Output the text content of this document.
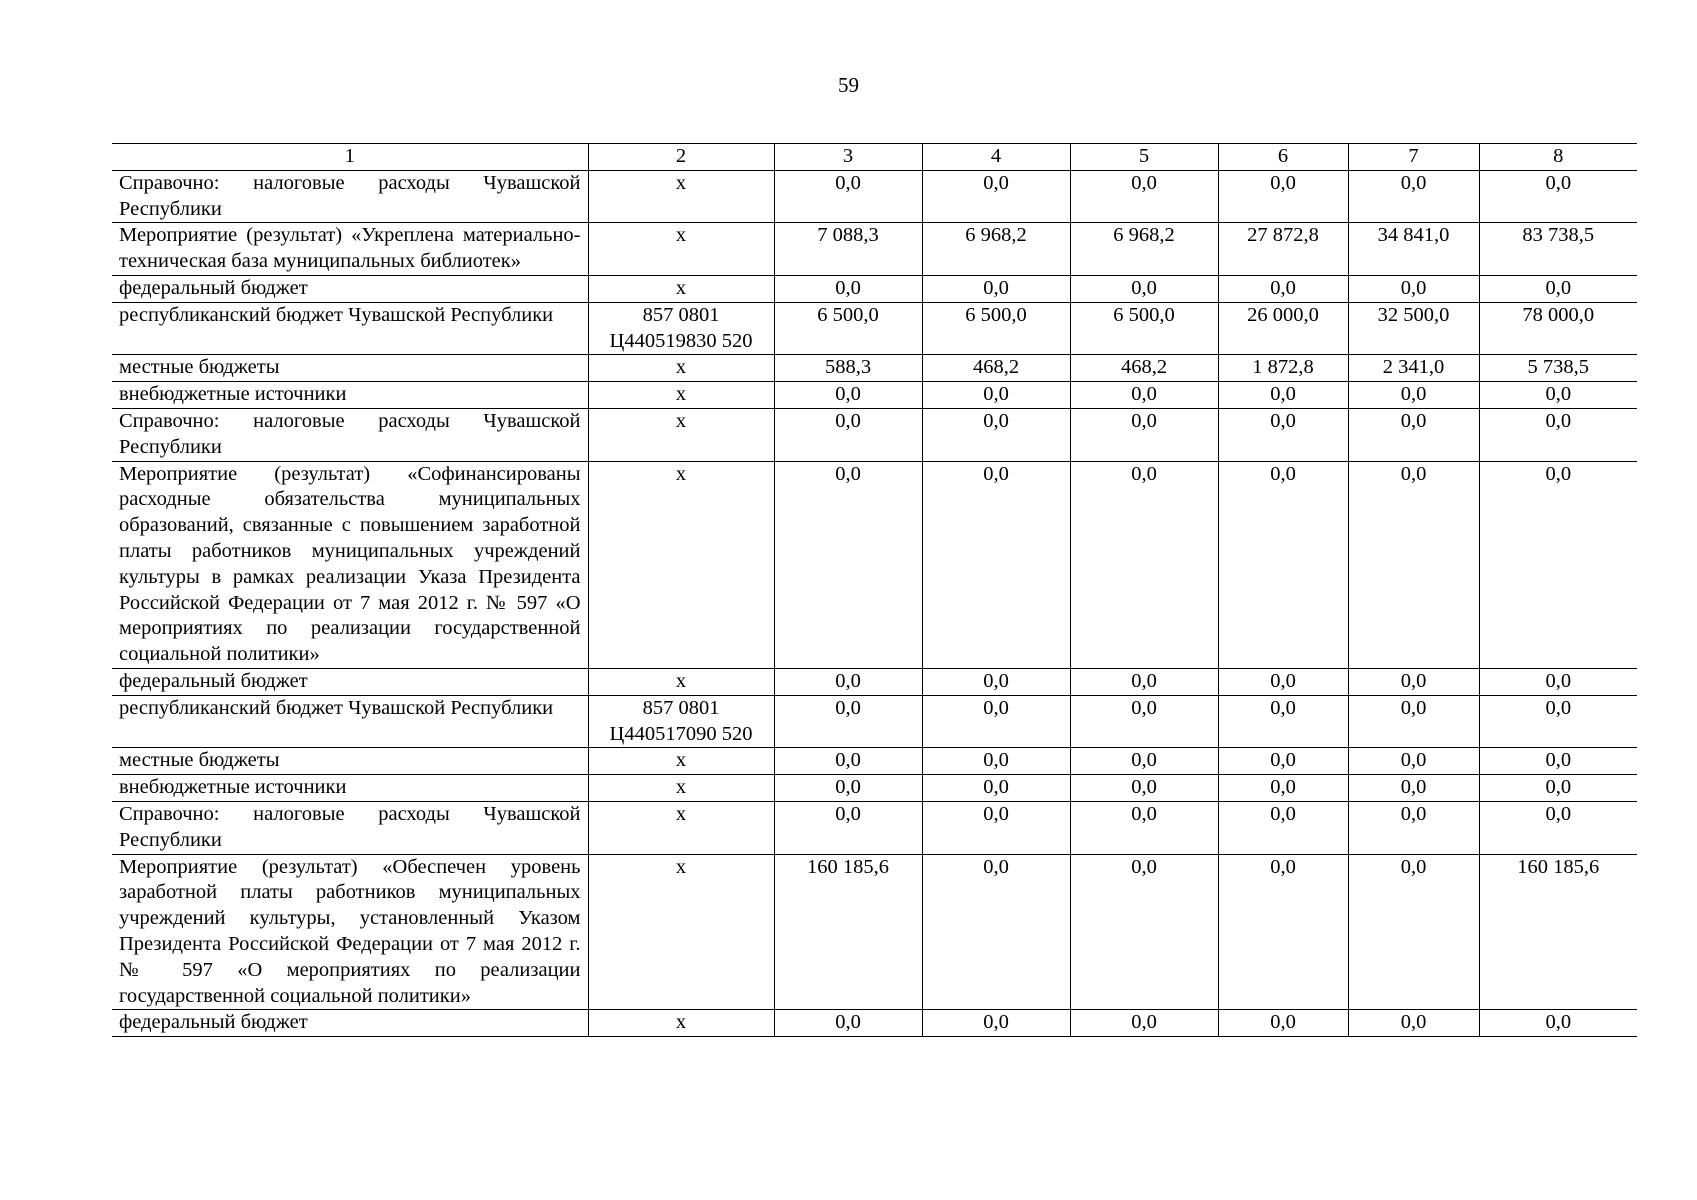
59
1	2	3	4	5	6	7	8
Справочно: налоговые расходы Чувашской Республики	х	0,0	0,0	0,0	0,0	0,0	0,0
Мероприятие (результат) «Укреплена материально-техническая база муниципальных библиотек»	х	7 088,3	6 968,2	6 968,2	27 872,8	34 841,0	83 738,5
федеральный бюджет	х	0,0	0,0	0,0	0,0	0,0	0,0
республиканский бюджет Чувашской Республики	857 0801 Ц440519830 520	6 500,0	6 500,0	6 500,0	26 000,0	32 500,0	78 000,0
местные бюджеты	х	588,3	468,2	468,2	1 872,8	2 341,0	5 738,5
внебюджетные источники	х	0,0	0,0	0,0	0,0	0,0	0,0
Справочно: налоговые расходы Чувашской Республики	х	0,0	0,0	0,0	0,0	0,0	0,0
Мероприятие (результат) «Софинансированы расходные обязательства муниципальных образований, связанные с повышением заработной платы работников муниципальных учреждений культуры в рамках реализации Указа Президента Российской Федерации от 7 мая 2012 г. № 597 «О мероприятиях по реализации государственной социальной политики»	х	0,0	0,0	0,0	0,0	0,0	0,0
федеральный бюджет	х	0,0	0,0	0,0	0,0	0,0	0,0
республиканский бюджет Чувашской Республики	857 0801 Ц440517090 520	0,0	0,0	0,0	0,0	0,0	0,0
местные бюджеты	х	0,0	0,0	0,0	0,0	0,0	0,0
внебюджетные источники	х	0,0	0,0	0,0	0,0	0,0	0,0
Справочно: налоговые расходы Чувашской Республики	х	0,0	0,0	0,0	0,0	0,0	0,0
Мероприятие (результат) «Обеспечен уровень заработной платы работников муниципальных учреждений культуры, установленный Указом Президента Российской Федерации от 7 мая 2012 г. № 597 «О мероприятиях по реализации государственной социальной политики»	х	160 185,6	0,0	0,0	0,0	0,0	160 185,6
федеральный бюджет	х	0,0	0,0	0,0	0,0	0,0	0,0
